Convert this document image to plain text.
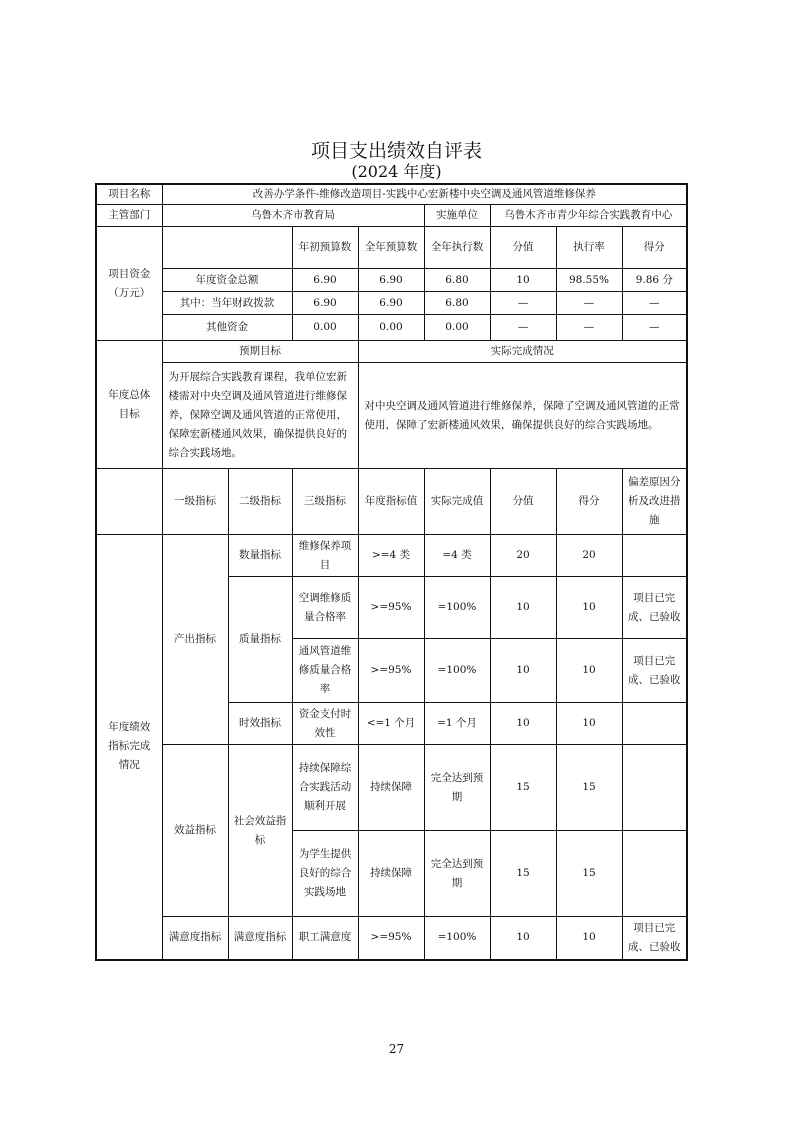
项目支出绩效自评表
(2024 年度)
项目名称	改善办学条件-维修改造项目-实践中心宏新楼中央空调及通风管道维修保养							
主管部门	乌鲁木齐市教育局				实施单位	乌鲁木齐市青少年综合实践教育中心		

项目资金（万元）			年初预算数	全年预算数	全年执行数	分值	执行率	得分
	年度资金总额		6.90	6.90	6.80	10	98.55%	9.86 分
	其中：当年财政拨款		6.90	6.90	6.80	—	—	—
	其他资金		0.00	0.00	0.00	—	—	—

年度总体目标	预期目标			实际完成情况				
	为开展综合实践教育课程，我单位宏新楼需对中央空调及通风管道进行维修保养，保障空调及通风管道的正常使用，保障宏新楼通风效果，确保提供良好的综合实践场地。			对中央空调及通风管道进行维修保养，保障了空调及通风管道的正常使用，保障了宏新楼通风效果，确保提供良好的综合实践场地。				
	一级指标	二级指标	三级指标	年度指标值	实际完成值	分值	得分	偏差原因分析及改进措施

年度绩效指标完成情况	产出指标	数量指标	维修保养项目	>=4 类	=4 类	20	20	
		质量指标	空调维修质量合格率	>=95%	=100%	10	10	项目已完成、已验收
			通风管道维修质量合格率	>=95%	=100%	10	10	项目已完成、已验收
		时效指标	资金支付时效性	<=1 个月	=1 个月	10	10	
	效益指标	社会效益指标	持续保障综合实践活动顺利开展	持续保障	完全达到预期	15	15	
			为学生提供良好的综合实践场地	持续保障	完全达到预期	15	15	
	满意度指标	满意度指标	职工满意度	>=95%	=100%	10	10	项目已完成、已验收
27
